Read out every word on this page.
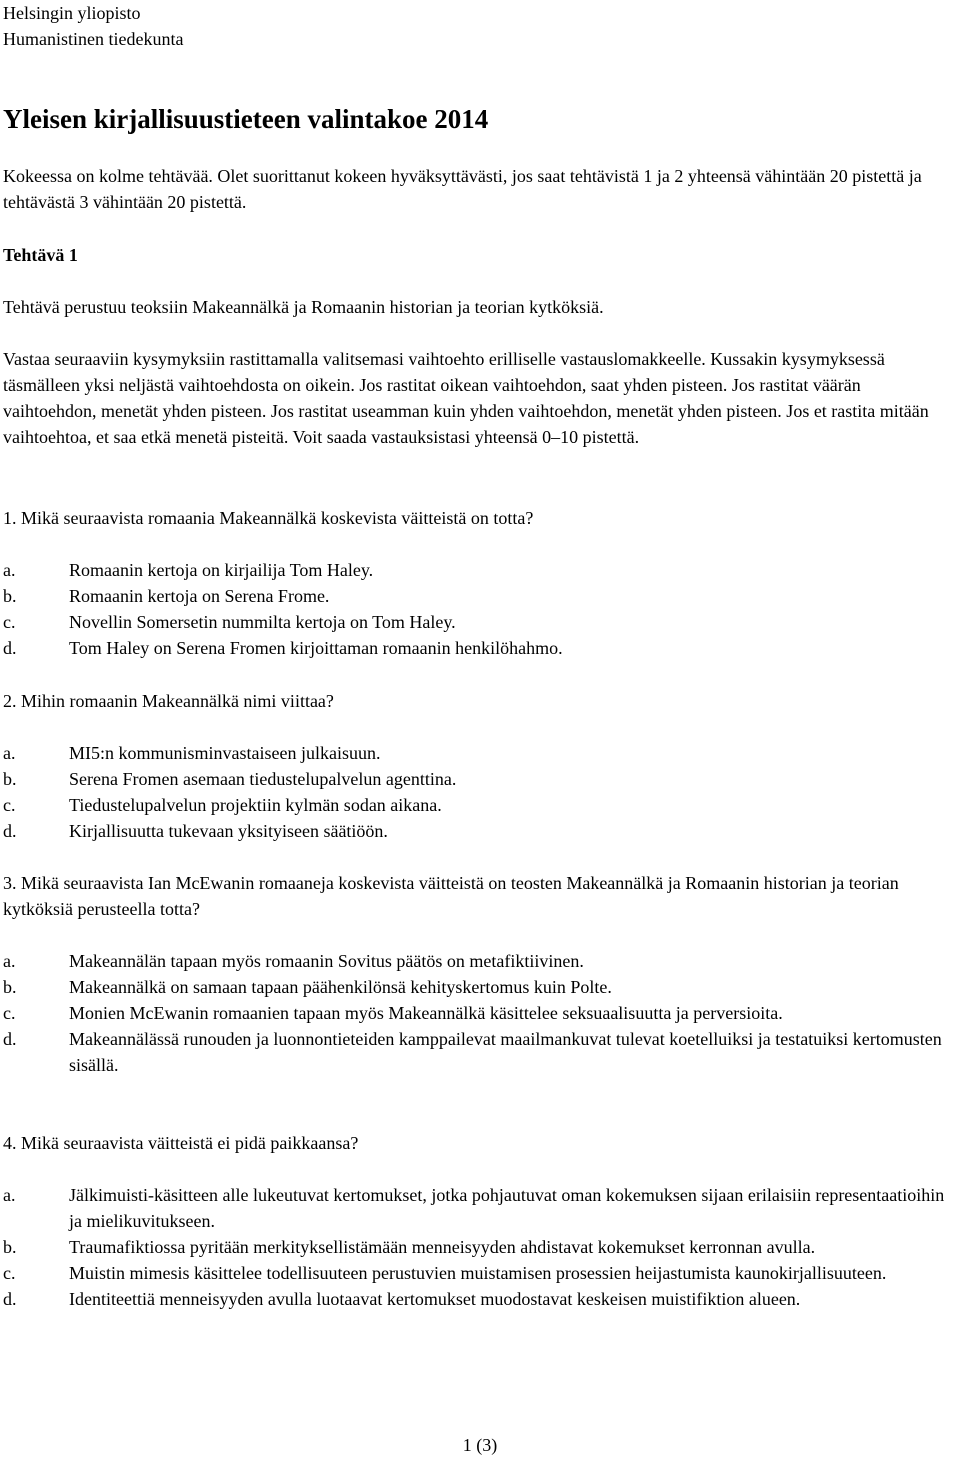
Helsingin yliopisto

Humanistinen tiedekunta

Yleisen kirjallisuustieteen valintakoe 2014

Kokeessa on kolme tehtävää. Olet suorittanut kokeen hyväksyttävästi, jos saat tehtävistä 1 ja 2 yhteensä vähintään 20 pistettä ja tehtävästä 3 vähintään 20 pistettä.

Tehtävä 1

Tehtävä perustuu teoksiin Makeannälkä ja Romaanin historian ja teorian kytköksiä.

Vastaa seuraaviin kysymyksiin rastittamalla valitsemasi vaihtoehto erilliselle vastauslomakkeelle. Kussakin kysymyksessä täsmälleen yksi neljästä vaihtoehdosta on oikein. Jos rastitat oikean vaihtoehdon, saat yhden pisteen. Jos rastitat väärän vaihtoehdon, menetät yhden pisteen. Jos rastitat useamman kuin yhden vaihtoehdon, menetät yhden pisteen. Jos et rastita mitään vaihtoehtoa, et saa etkä menetä pisteitä. Voit saada vastauksistasi yhteensä 0–10 pistettä.

1. Mikä seuraavista romaania Makeannälkä koskevista väitteistä on totta?

a.	Romaanin kertoja on kirjailija Tom Haley.
b.	Romaanin kertoja on Serena Frome.
c.	Novellin Somersetin nummilta kertoja on Tom Haley.
d.	Tom Haley on Serena Fromen kirjoittaman romaanin henkilöhahmo.

2. Mihin romaanin Makeannälkä nimi viittaa?

a.	MI5:n kommunisminvastaiseen julkaisuun.
b.	Serena Fromen asemaan tiedustelupalvelun agenttina.
c.	Tiedustelupalvelun projektiin kylmän sodan aikana.
d.	Kirjallisuutta tukevaan yksityiseen säätiöön.

3. Mikä seuraavista Ian McEwanin romaaneja koskevista väitteistä on teosten Makeannälkä ja Romaanin historian ja teorian kytköksiä perusteella totta?

a.	Makeannälän tapaan myös romaanin Sovitus päätös on metafiktiivinen.
b.	Makeannälkä on samaan tapaan päähenkilönsä kehityskertomus kuin Polte.
c.	Monien McEwanin romaanien tapaan myös Makeannälkä käsittelee seksuaalisuutta ja perversioita.
d.	Makeannälässä runouden ja luonnontieteiden kamppailevat maailmankuvat tulevat koetelluiksi ja testatuiksi kertomusten sisällä.

4. Mikä seuraavista väitteistä ei pidä paikkaansa?

a.	Jälkimuisti-käsitteen alle lukeutuvat kertomukset, jotka pohjautuvat oman kokemuksen sijaan erilaisiin representaatioihin ja mielikuvitukseen.
b.	Traumafiktiossa pyritään merkityksellistämään menneisyyden ahdistavat kokemukset kerronnan avulla.
c.	Muistin mimesis käsittelee todellisuuteen perustuvien muistamisen prosessien heijastumista kaunokirjallisuuteen.
d.	Identiteettiä menneisyyden avulla luotaavat kertomukset muodostavat keskeisen muistifiktion alueen.
1 (3)
